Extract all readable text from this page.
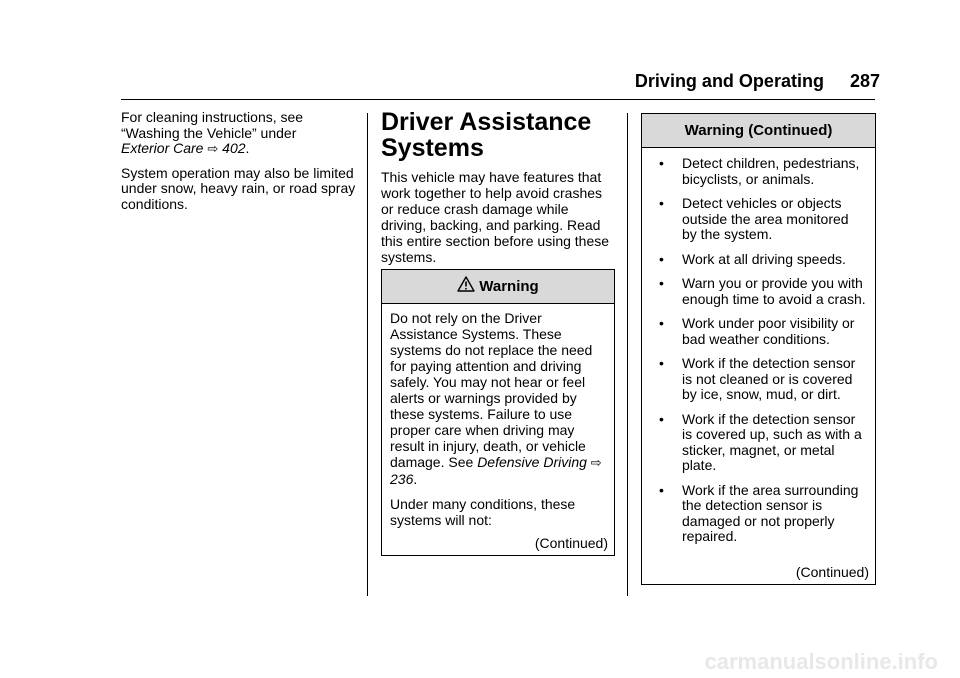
Driving and Operating 287

For cleaning instructions, see “Washing the Vehicle” under
Exterior Care ⇨ 402.

System operation may also be limited under snow, heavy rain, or road spray conditions.

Driver Assistance
Systems

This vehicle may have features that work together to help avoid crashes or reduce crash damage while driving, backing, and parking. Read this entire section before using these systems.

Warning

Do not rely on the Driver Assistance Systems. These systems do not replace the need for paying attention and driving safely. You may not hear or feel alerts or warnings provided by these systems. Failure to use proper care when driving may result in injury, death, or vehicle damage. See Defensive Driving ⇨ 236.

Under many conditions, these systems will not:

(Continued)
Warning (Continued)
• Detect children, pedestrians, bicyclists, or animals.
• Detect vehicles or objects outside the area monitored by the system.
• Work at all driving speeds.
• Warn you or provide you with enough time to avoid a crash.
• Work under poor visibility or bad weather conditions.
• Work if the detection sensor is not cleaned or is covered by ice, snow, mud, or dirt.
• Work if the detection sensor is covered up, such as with a sticker, magnet, or metal plate.
• Work if the area surrounding the detection sensor is damaged or not properly repaired.
(Continued)
carmanualsonline.info
